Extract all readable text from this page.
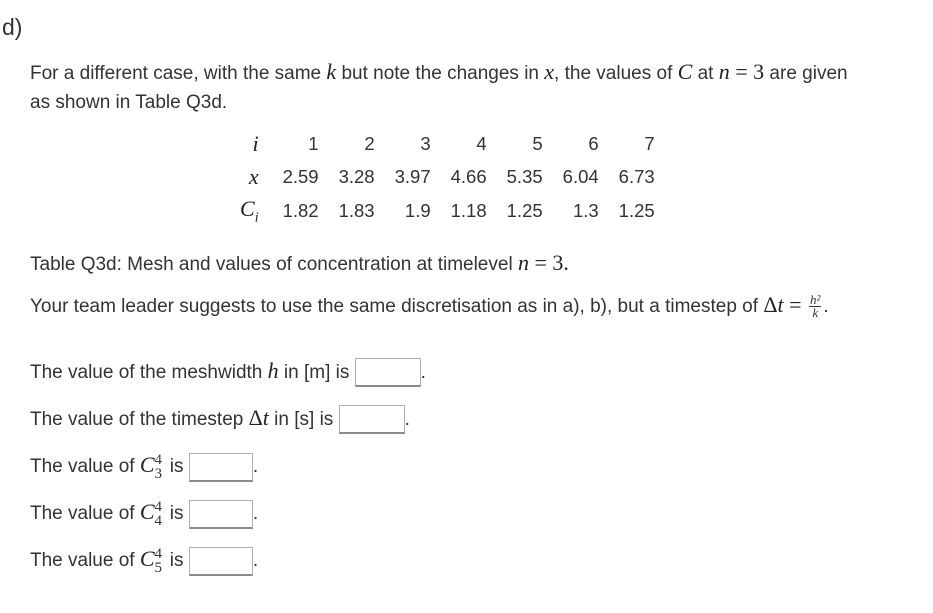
d)
For a different case, with the same k but note the changes in x, the values of C at n = 3 are given
as shown in Table Q3d.
i	1	2	3	4	5	6	7
x	2.59	3.28	3.97	4.66	5.35	6.04	6.73
$C_i$	1.82	1.83	1.9	1.18	1.25	1.3	1.25
Table Q3d: Mesh and values of concentration at timelevel n = 3.
Your team leader suggests to use the same discretisation as in a), b), but a timestep of $\Delta t = \frac{\text{h²}}{k}$ .
The value of the meshwidth h in [m] is	.
The value of the timestep Δt in [s] is	.
The value of C 4
3 is	.
The value of C 4
4 is	.
The value of C 4
5 is	.
